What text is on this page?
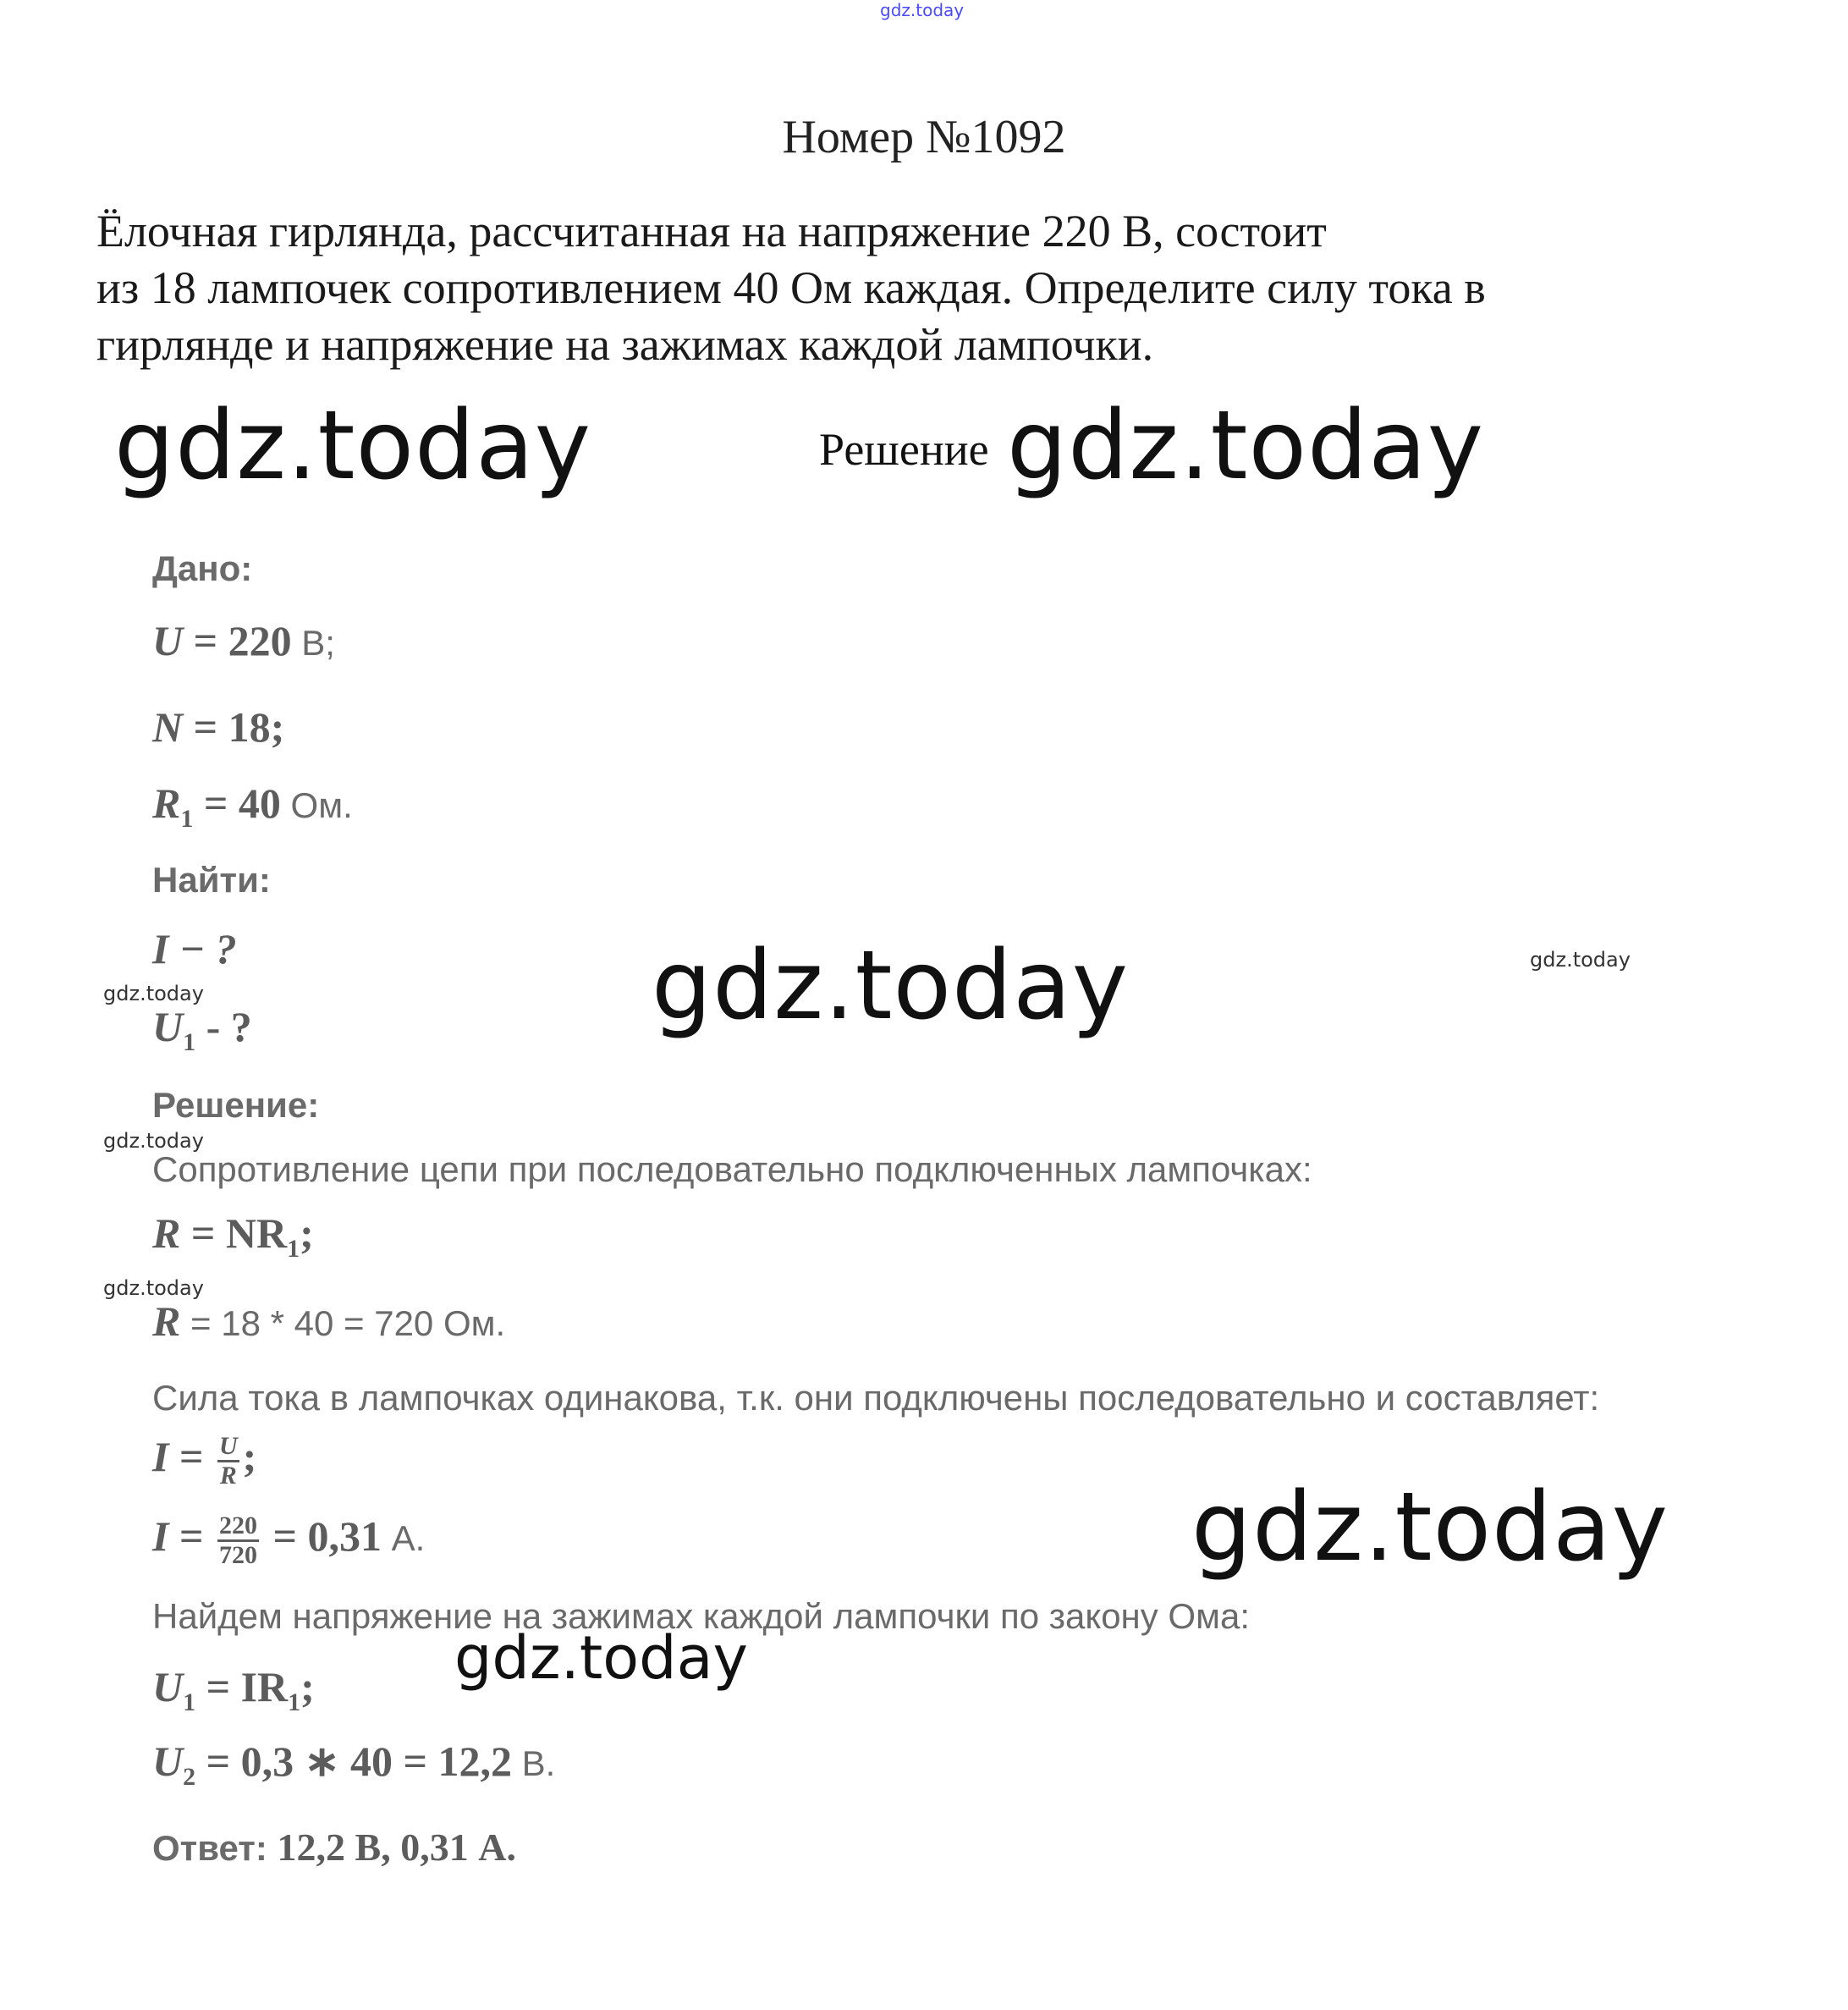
gdz.today
Номер №1092
Ёлочная гирлянда, рассчитанная на напряжение 220 В, состоит
из 18 лампочек сопротивлением 40 Ом каждая. Определите силу тока в
гирлянде и напряжение на зажимах каждой лампочки.
gdz.today	Решение gdz.today
Дано:
U = 220 В;
N = 18;
$R_1 = 40$ Ом.
Найти:
I − ?
gdz.today
$U_1$ - ?	gdz.today	gdz.today
Решение:
gdz.today
Сопротивление цепи при последовательно подключенных лампочках:
$R = NR_1$;
gdz.today
R = 18 * 40 = 720 Ом.
Сила тока в лампочках одинакова, т.к. они подключены последовательно и составляет:
$I = \frac{U}{R}$ ;
$I = \frac{220}{720} = 0,31$ А.	gdz.today
Найдем напряжение на зажимах каждой лампочки по закону Ома:
gdz.today
$U_1 = IR_1$;
$U_2 = 0,3$ ∗ 40 = 12,2 В.
Ответ: 12,2 В, 0,31 А.
